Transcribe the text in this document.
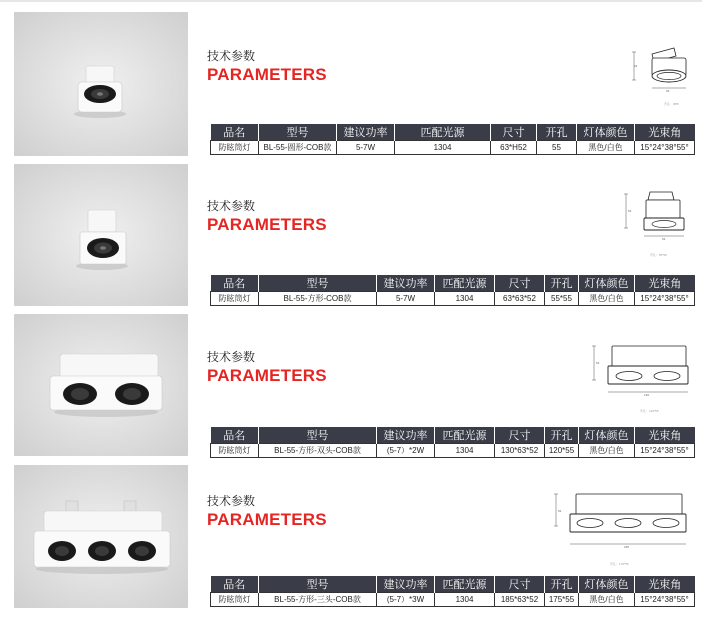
技术参数
PARAMETERS	52
63
开孔：Φ55
品名	型号	建议功率	匹配光源	尺寸	开孔	灯体颜色	光束角
防眩筒灯	BL-55-圆形-COB款	5-7W	1304	63*H52	55	黑色/白色	15°24°38°55°
技术参数
PARAMETERS
63
52
开孔：55*55
品名	型号	建议功率	匹配光源	尺寸	开孔	灯体颜色	光束角
防眩筒灯	BL-55-方形-COB款	5-7W	1304	63*63*52	55*55	黑色/白色	15°24°38°55°
技术参数
PARAMETERS
130
52
开孔：120*55
品名	型号	建议功率	匹配光源	尺寸	开孔	灯体颜色	光束角
防眩筒灯	BL-55-方形-双头-COB款	(5-7）*2W	1304	130*63*52	120*55	黑色/白色	15°24°38°55°
技术参数
PARAMETERS
185
52
开孔：175*55
品名	型号	建议功率	匹配光源	尺寸	开孔	灯体颜色	光束角
防眩筒灯	BL-55-方形-三头-COB款	(5-7）*3W	1304	185*63*52	175*55	黑色/白色	15°24°38°55°
